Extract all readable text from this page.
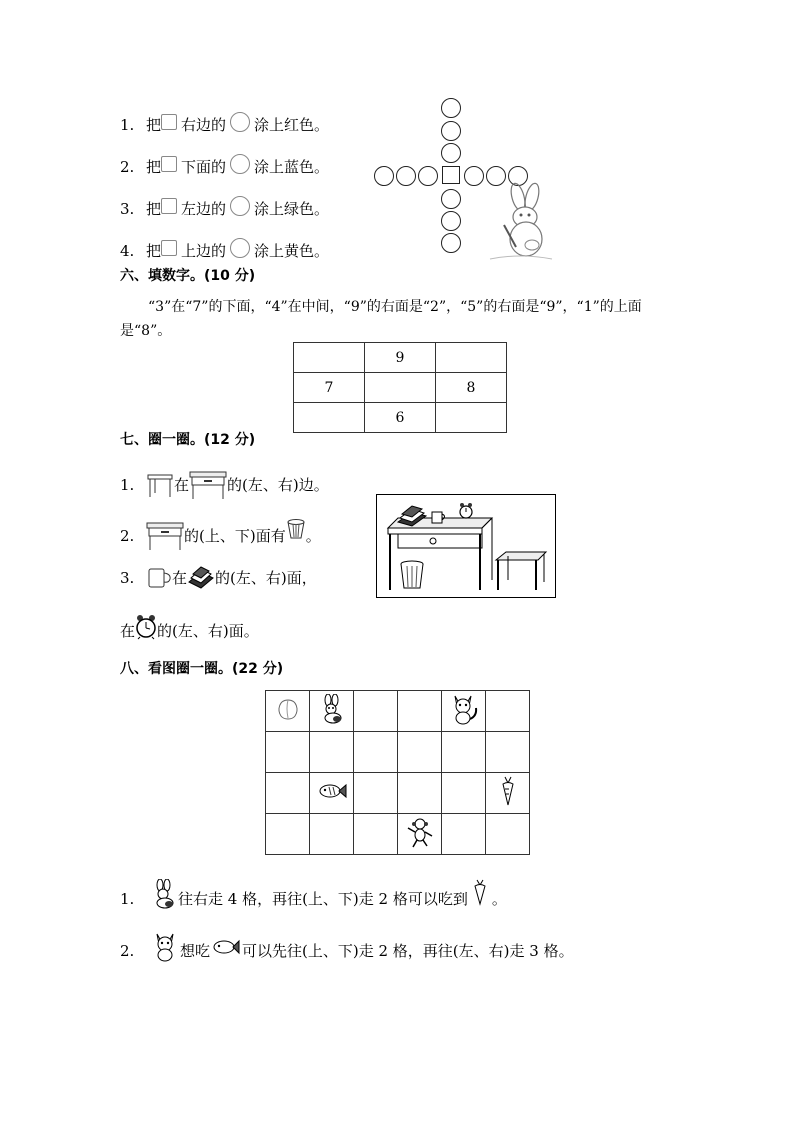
1. 把 右边的 涂上红色。
2. 把 下面的 涂上蓝色。
3. 把 左边的 涂上绿色。
4. 把 上边的 涂上黄色。
六、填数字。(10 分)
“3”在“7”的下面，“4”在中间，“9”的右面是“2”，“5”的右面是“9”，“1”的上面
是“8”。
	9	
7		8
	6	
七、圈一圈。(12 分)
1.	在	的(左、右)边。
2.	的(上、下)面有 。
3.	在 的(左、右)面，
在 的(左、右)面。
八、看图圈一圈。(22 分)

1.	往右走 4 格，再往(上、下)走 2 格可以吃到 。
2.	想吃 可以先往(上、下)走 2 格，再往(左、右)走 3 格。
